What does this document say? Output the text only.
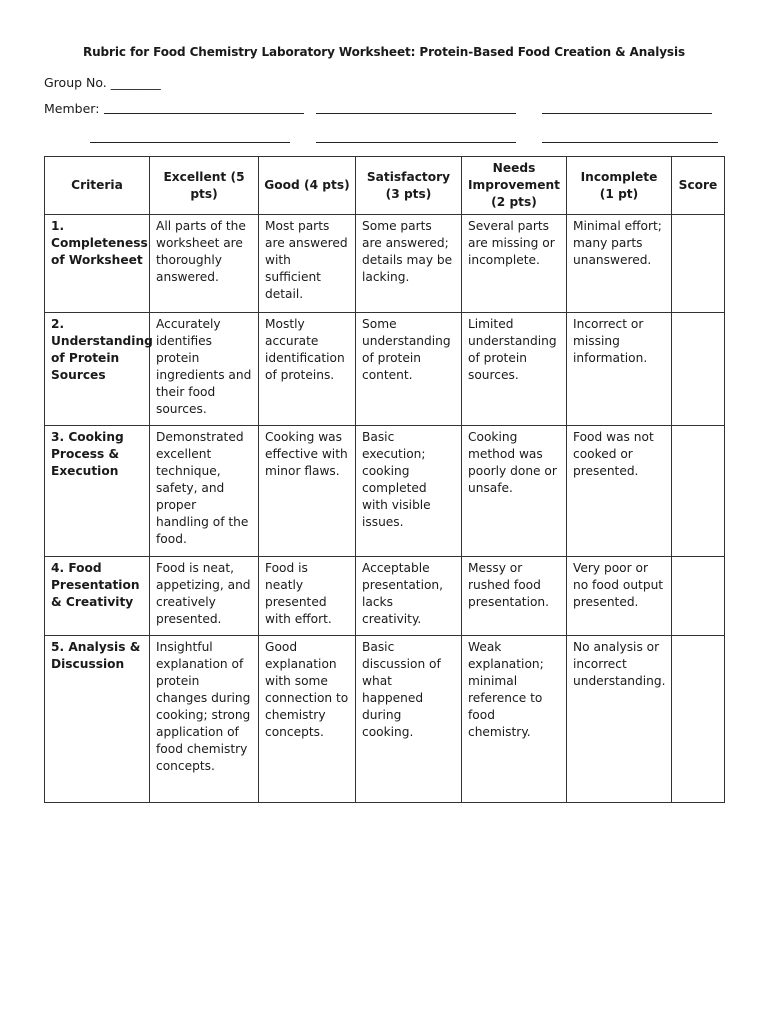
Rubric for Food Chemistry Laboratory Worksheet: Protein-Based Food Creation & Analysis
Group No. ________
Member:
Criteria	Excellent (5 pts)	Good (4 pts)	Satisfactory (3 pts)	Needs Improvement (2 pts)	Incomplete (1 pt)	Score
1. Completeness of Worksheet	All parts of the worksheet are thoroughly answered.	Most parts are answered with sufficient detail.	Some parts are answered; details may be lacking.	Several parts are missing or incomplete.	Minimal effort; many parts unanswered.	
2. Understanding of Protein Sources	Accurately identifies protein ingredients and their food sources.	Mostly accurate identification of proteins.	Some understanding of protein content.	Limited understanding of protein sources.	Incorrect or missing information.	
3. Cooking Process & Execution	Demonstrated excellent technique, safety, and proper handling of the food.	Cooking was effective with minor flaws.	Basic execution; cooking completed with visible issues.	Cooking method was poorly done or unsafe.	Food was not cooked or presented.	
4. Food Presentation & Creativity	Food is neat, appetizing, and creatively presented.	Food is neatly presented with effort.	Acceptable presentation, lacks creativity.	Messy or rushed food presentation.	Very poor or no food output presented.	
5. Analysis & Discussion	Insightful explanation of protein changes during cooking; strong application of food chemistry concepts.	Good explanation with some connection to chemistry concepts.	Basic discussion of what happened during cooking.	Weak explanation; minimal reference to food chemistry.	No analysis or incorrect understanding.	
